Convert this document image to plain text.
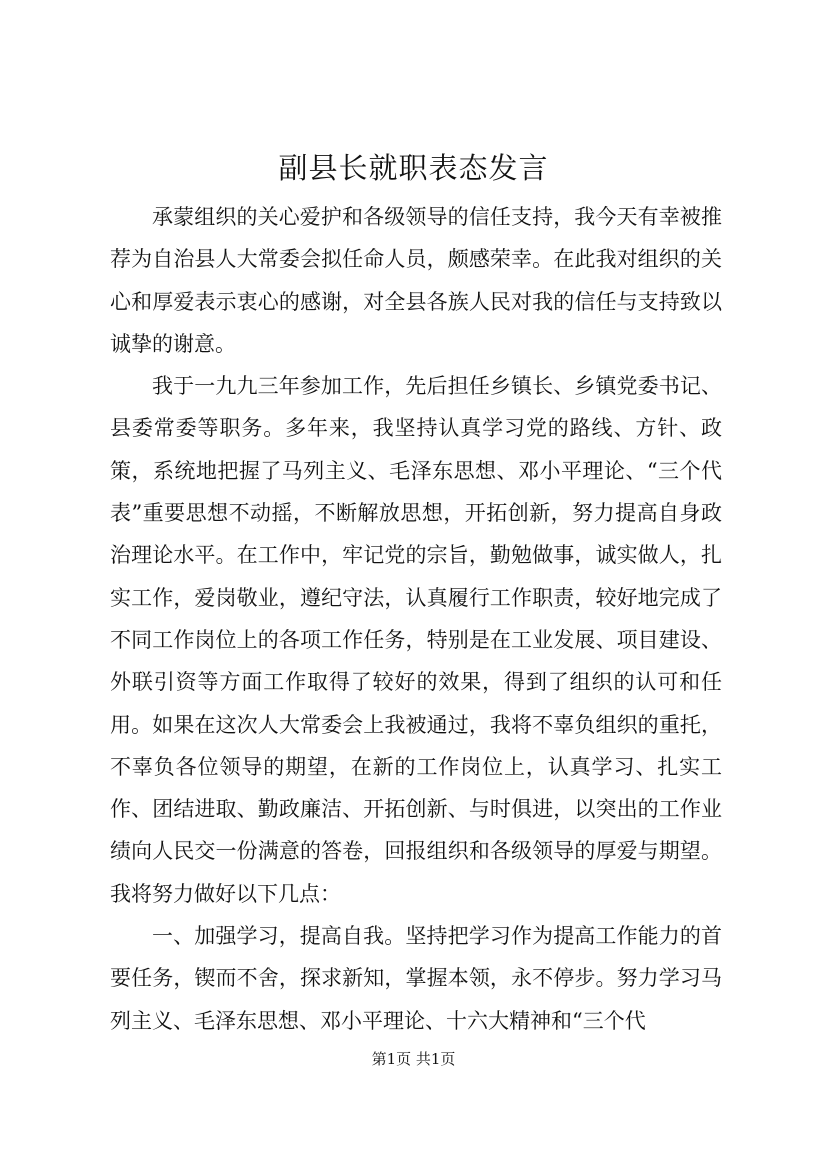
副县长就职表态发言

承蒙组织的关心爱护和各级领导的信任支持，我今天有幸被推荐为自治县人大常委会拟任命人员，颇感荣幸。在此我对组织的关心和厚爱表示衷心的感谢，对全县各族人民对我的信任与支持致以诚挚的谢意。

我于一九九三年参加工作，先后担任乡镇长、乡镇党委书记、县委常委等职务。多年来，我坚持认真学习党的路线、方针、政策，系统地把握了马列主义、毛泽东思想、邓小平理论、“三个代表”重要思想不动摇，不断解放思想，开拓创新，努力提高自身政治理论水平。在工作中，牢记党的宗旨，勤勉做事，诚实做人，扎实工作，爱岗敬业，遵纪守法，认真履行工作职责，较好地完成了不同工作岗位上的各项工作任务，特别是在工业发展、项目建设、外联引资等方面工作取得了较好的效果，得到了组织的认可和任用。如果在这次人大常委会上我被通过，我将不辜负组织的重托，不辜负各位领导的期望，在新的工作岗位上，认真学习、扎实工作、团结进取、勤政廉洁、开拓创新、与时俱进，以突出的工作业绩向人民交一份满意的答卷，回报组织和各级领导的厚爱与期望。我将努力做好以下几点：

一、加强学习，提高自我。坚持把学习作为提高工作能力的首要任务，锲而不舍，探求新知，掌握本领，永不停步。努力学习马列主义、毛泽东思想、邓小平理论、十六大精神和“三个代

第1页 共1页
